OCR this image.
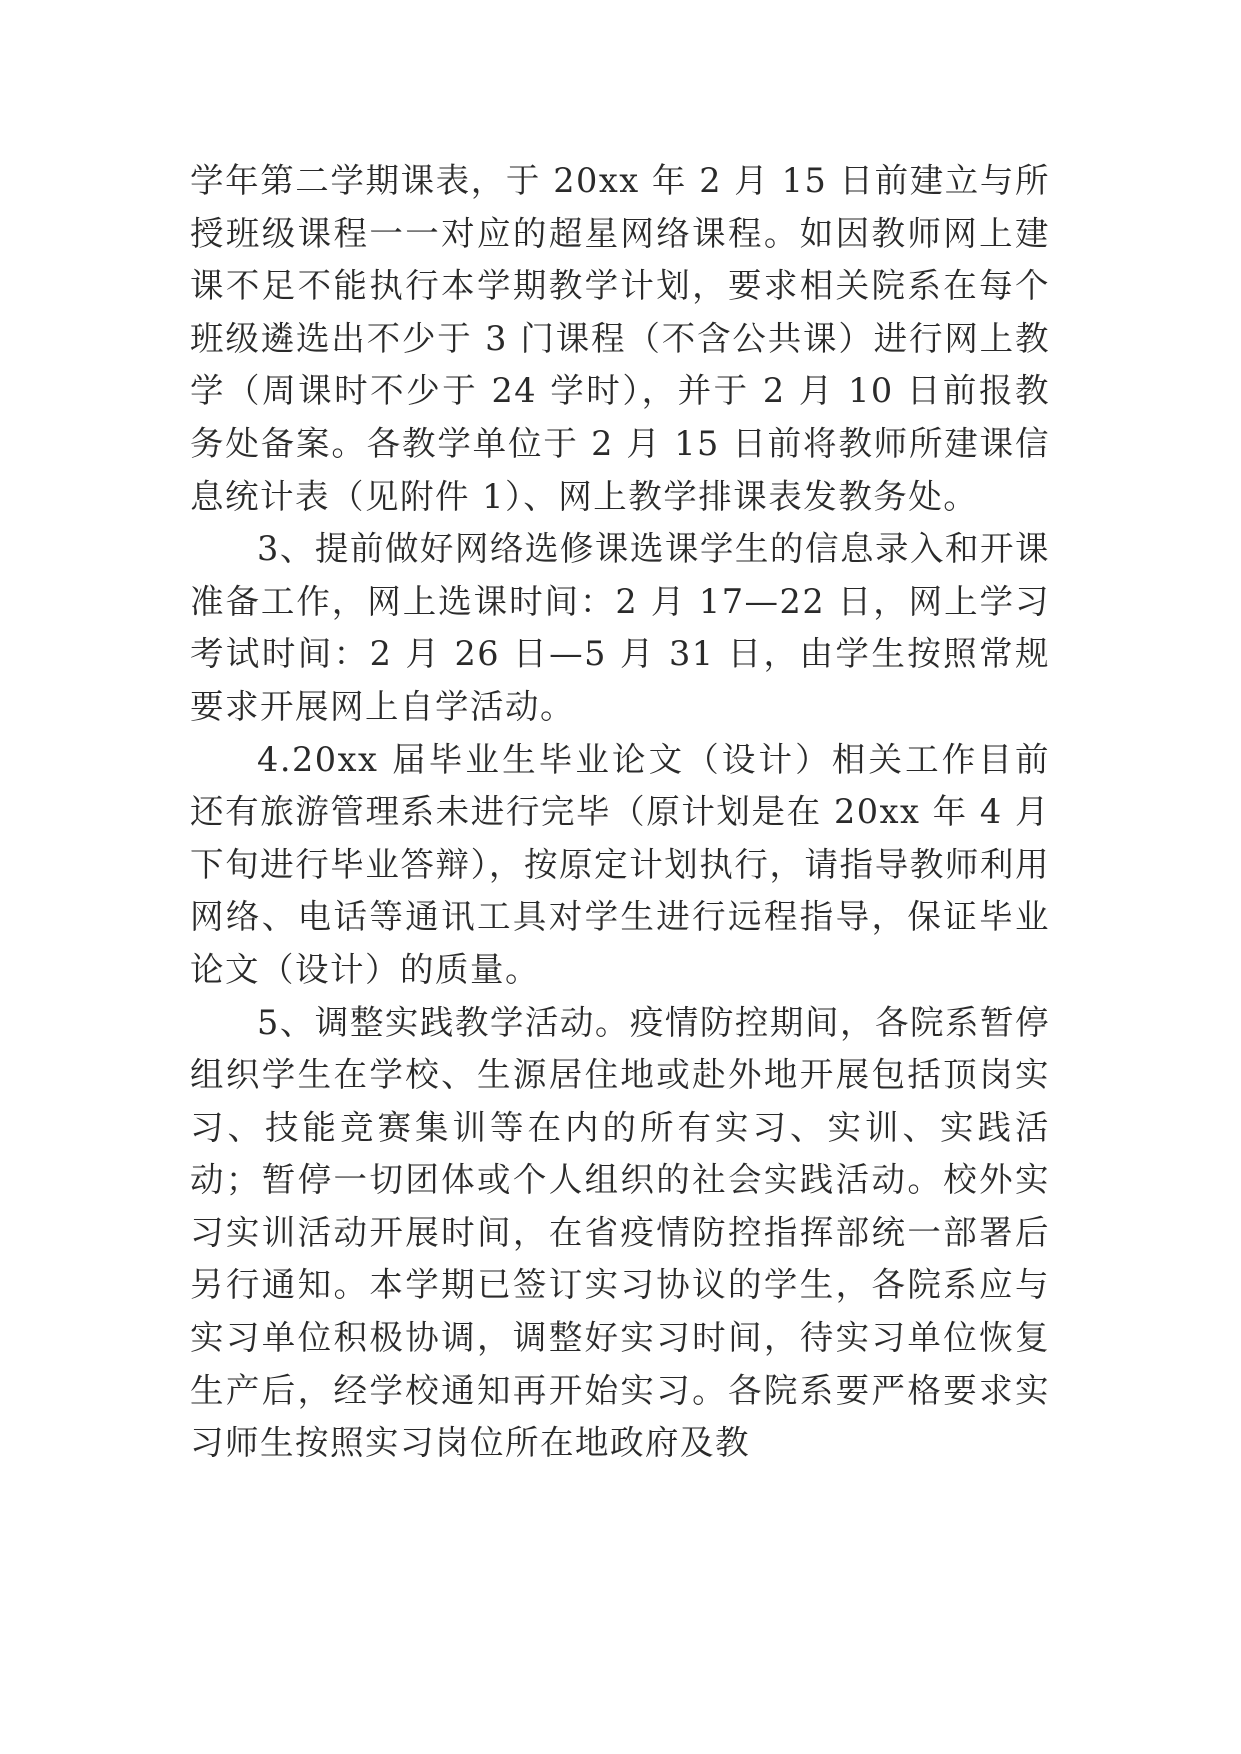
学年第二学期课表，于 20xx 年 2 月 15 日前建立与所授班级课程一一对应的超星网络课程。如因教师网上建课不足不能执行本学期教学计划，要求相关院系在每个班级遴选出不少于 3 门课程（不含公共课）进行网上教学（周课时不少于 24 学时），并于 2 月 10 日前报教务处备案。各教学单位于 2 月 15 日前将教师所建课信息统计表（见附件 1）、网上教学排课表发教务处。

3、提前做好网络选修课选课学生的信息录入和开课准备工作，网上选课时间：2 月 17—22 日，网上学习考试时间：2 月 26 日—5 月 31 日，由学生按照常规要求开展网上自学活动。

4.20xx 届毕业生毕业论文（设计）相关工作目前还有旅游管理系未进行完毕（原计划是在 20xx 年 4 月下旬进行毕业答辩），按原定计划执行，请指导教师利用网络、电话等通讯工具对学生进行远程指导，保证毕业论文（设计）的质量。

5、调整实践教学活动。疫情防控期间，各院系暂停组织学生在学校、生源居住地或赴外地开展包括顶岗实习、技能竞赛集训等在内的所有实习、实训、实践活动；暂停一切团体或个人组织的社会实践活动。校外实习实训活动开展时间，在省疫情防控指挥部统一部署后另行通知。本学期已签订实习协议的学生，各院系应与实习单位积极协调，调整好实习时间，待实习单位恢复生产后，经学校通知再开始实习。各院系要严格要求实习师生按照实习岗位所在地政府及教
